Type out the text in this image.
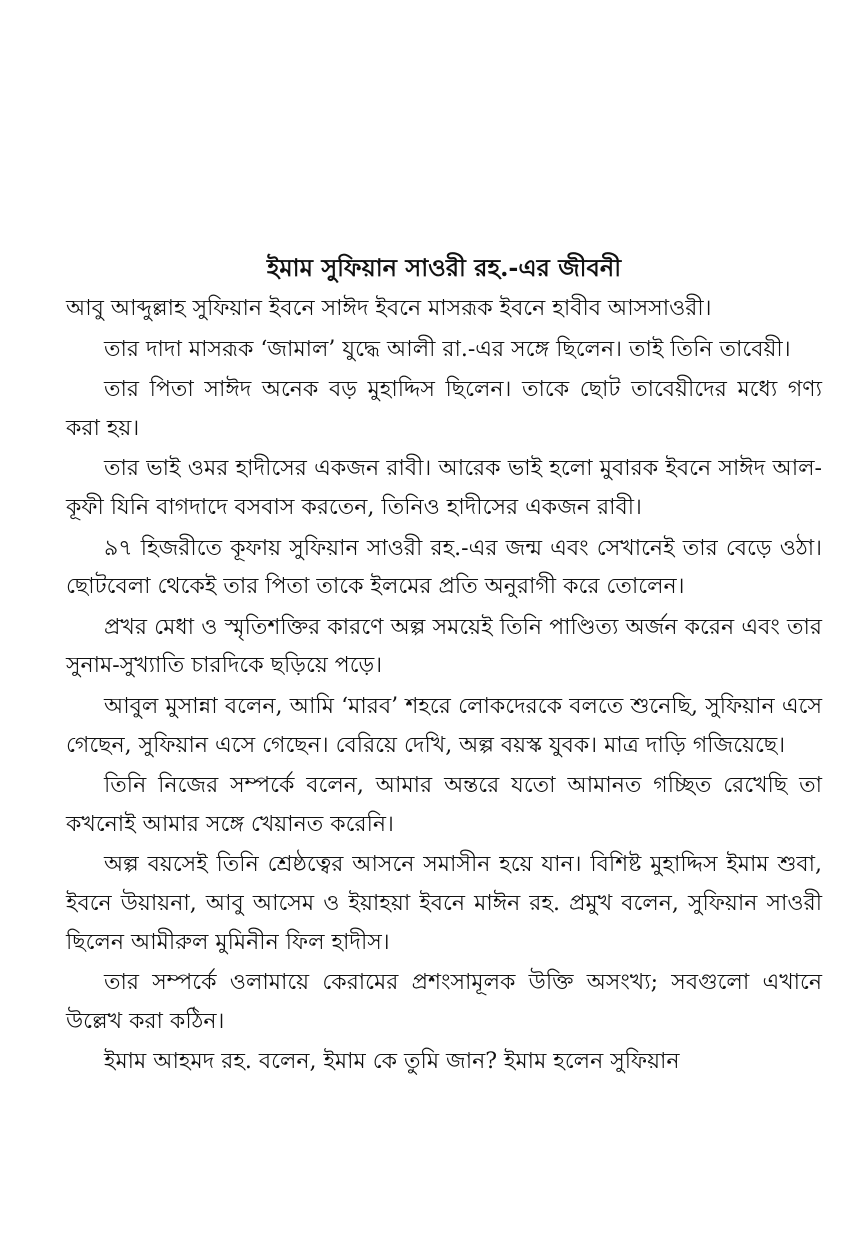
ইমাম সুফিয়ান সাওরী রহ.-এর জীবনী

আবু আব্দুল্লাহ সুফিয়ান ইবনে সাঈদ ইবনে মাসরূক ইবনে হাবীব আসসাওরী।

তার দাদা মাসরূক ‘জামাল’ যুদ্ধে আলী রা.-এর সঙ্গে ছিলেন। তাই তিনি তাবেয়ী।

তার পিতা সাঈদ অনেক বড় মুহাদ্দিস ছিলেন। তাকে ছোট তাবেয়ীদের মধ্যে গণ্য করা হয়।

তার ভাই ওমর হাদীসের একজন রাবী। আরেক ভাই হলো মুবারক ইবনে সাঈদ আল-কূফী যিনি বাগদাদে বসবাস করতেন, তিনিও হাদীসের একজন রাবী।

৯৭ হিজরীতে কূফায় সুফিয়ান সাওরী রহ.-এর জন্ম এবং সেখানেই তার বেড়ে ওঠা। ছোটবেলা থেকেই তার পিতা তাকে ইলমের প্রতি অনুরাগী করে তোলেন।

প্রখর মেধা ও স্মৃতিশক্তির কারণে অল্প সময়েই তিনি পাণ্ডিত্য অর্জন করেন এবং তার সুনাম-সুখ্যাতি চারদিকে ছড়িয়ে পড়ে।

আবুল মুসান্না বলেন, আমি ‘মারব’ শহরে লোকদেরকে বলতে শুনেছি, সুফিয়ান এসে গেছেন, সুফিয়ান এসে গেছেন। বেরিয়ে দেখি, অল্প বয়স্ক যুবক। মাত্র দাড়ি গজিয়েছে।

তিনি নিজের সম্পর্কে বলেন, আমার অন্তরে যতো আমানত গচ্ছিত রেখেছি তা কখনোই আমার সঙ্গে খেয়ানত করেনি।

অল্প বয়সেই তিনি শ্রেষ্ঠত্বের আসনে সমাসীন হয়ে যান। বিশিষ্ট মুহাদ্দিস ইমাম শুবা, ইবনে উয়ায়না, আবু আসেম ও ইয়াহয়া ইবনে মাঈন রহ. প্রমুখ বলেন, সুফিয়ান সাওরী ছিলেন আমীরুল মুমিনীন ফিল হাদীস।

তার সম্পর্কে ওলামায়ে কেরামের প্রশংসামূলক উক্তি অসংখ্য; সবগুলো এখানে উল্লেখ করা কঠিন।

ইমাম আহমদ রহ. বলেন, ইমাম কে তুমি জান? ইমাম হলেন সুফিয়ান
